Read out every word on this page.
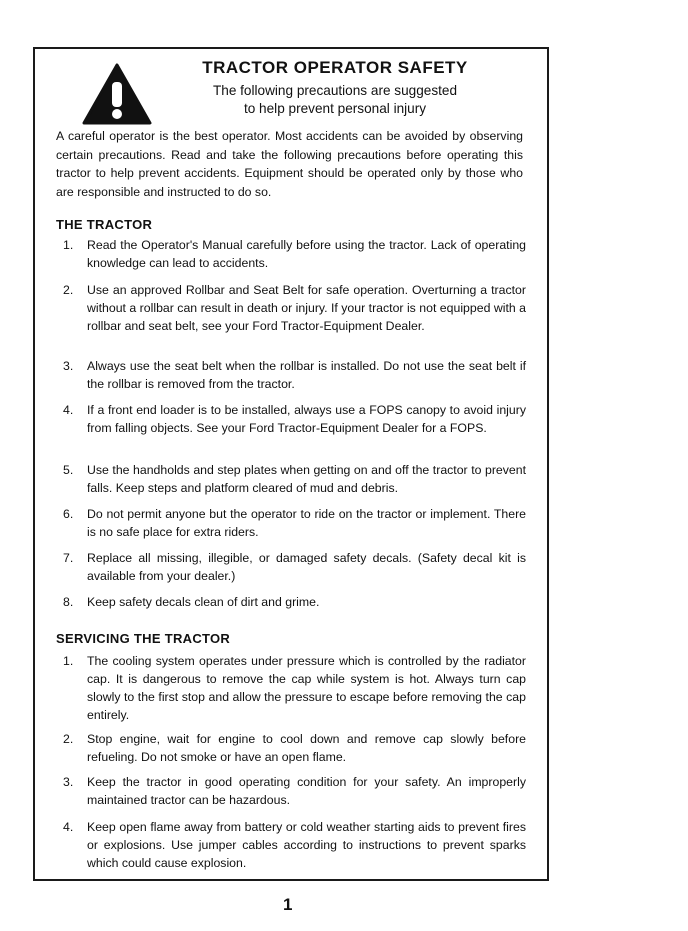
TRACTOR OPERATOR SAFETY
The following precautions are suggested
to help prevent personal injury

A careful operator is the best operator. Most accidents can be avoided by observing certain precautions. Read and take the following precautions before operating this tractor to help prevent accidents. Equipment should be operated only by those who are responsible and instructed to do so.

THE TRACTOR
1.	Read the Operator's Manual carefully before using the tractor. Lack of operating knowledge can lead to accidents.
2.	Use an approved Rollbar and Seat Belt for safe operation. Overturning a tractor without a rollbar can result in death or injury. If your tractor is not equipped with a rollbar and seat belt, see your Ford Tractor-Equipment Dealer.
3.	Always use the seat belt when the rollbar is installed. Do not use the seat belt if the rollbar is removed from the tractor.
4.	If a front end loader is to be installed, always use a FOPS canopy to avoid injury from falling objects. See your Ford Tractor-Equipment Dealer for a FOPS.
5.	Use the handholds and step plates when getting on and off the tractor to prevent falls. Keep steps and platform cleared of mud and debris.
6.	Do not permit anyone but the operator to ride on the tractor or implement. There is no safe place for extra riders.
7.	Replace all missing, illegible, or damaged safety decals. (Safety decal kit is available from your dealer.)
8.	Keep safety decals clean of dirt and grime.
SERVICING THE TRACTOR
1.	The cooling system operates under pressure which is controlled by the radiator cap. It is dangerous to remove the cap while system is hot. Always turn cap slowly to the first stop and allow the pressure to escape before removing the cap entirely.
2.	Stop engine, wait for engine to cool down and remove cap slowly before refueling. Do not smoke or have an open flame.
3.	Keep the tractor in good operating condition for your safety. An improperly maintained tractor can be hazardous.
4.	Keep open flame away from battery or cold weather starting aids to prevent fires or explosions. Use jumper cables according to instructions to prevent sparks which could cause explosion.
1
